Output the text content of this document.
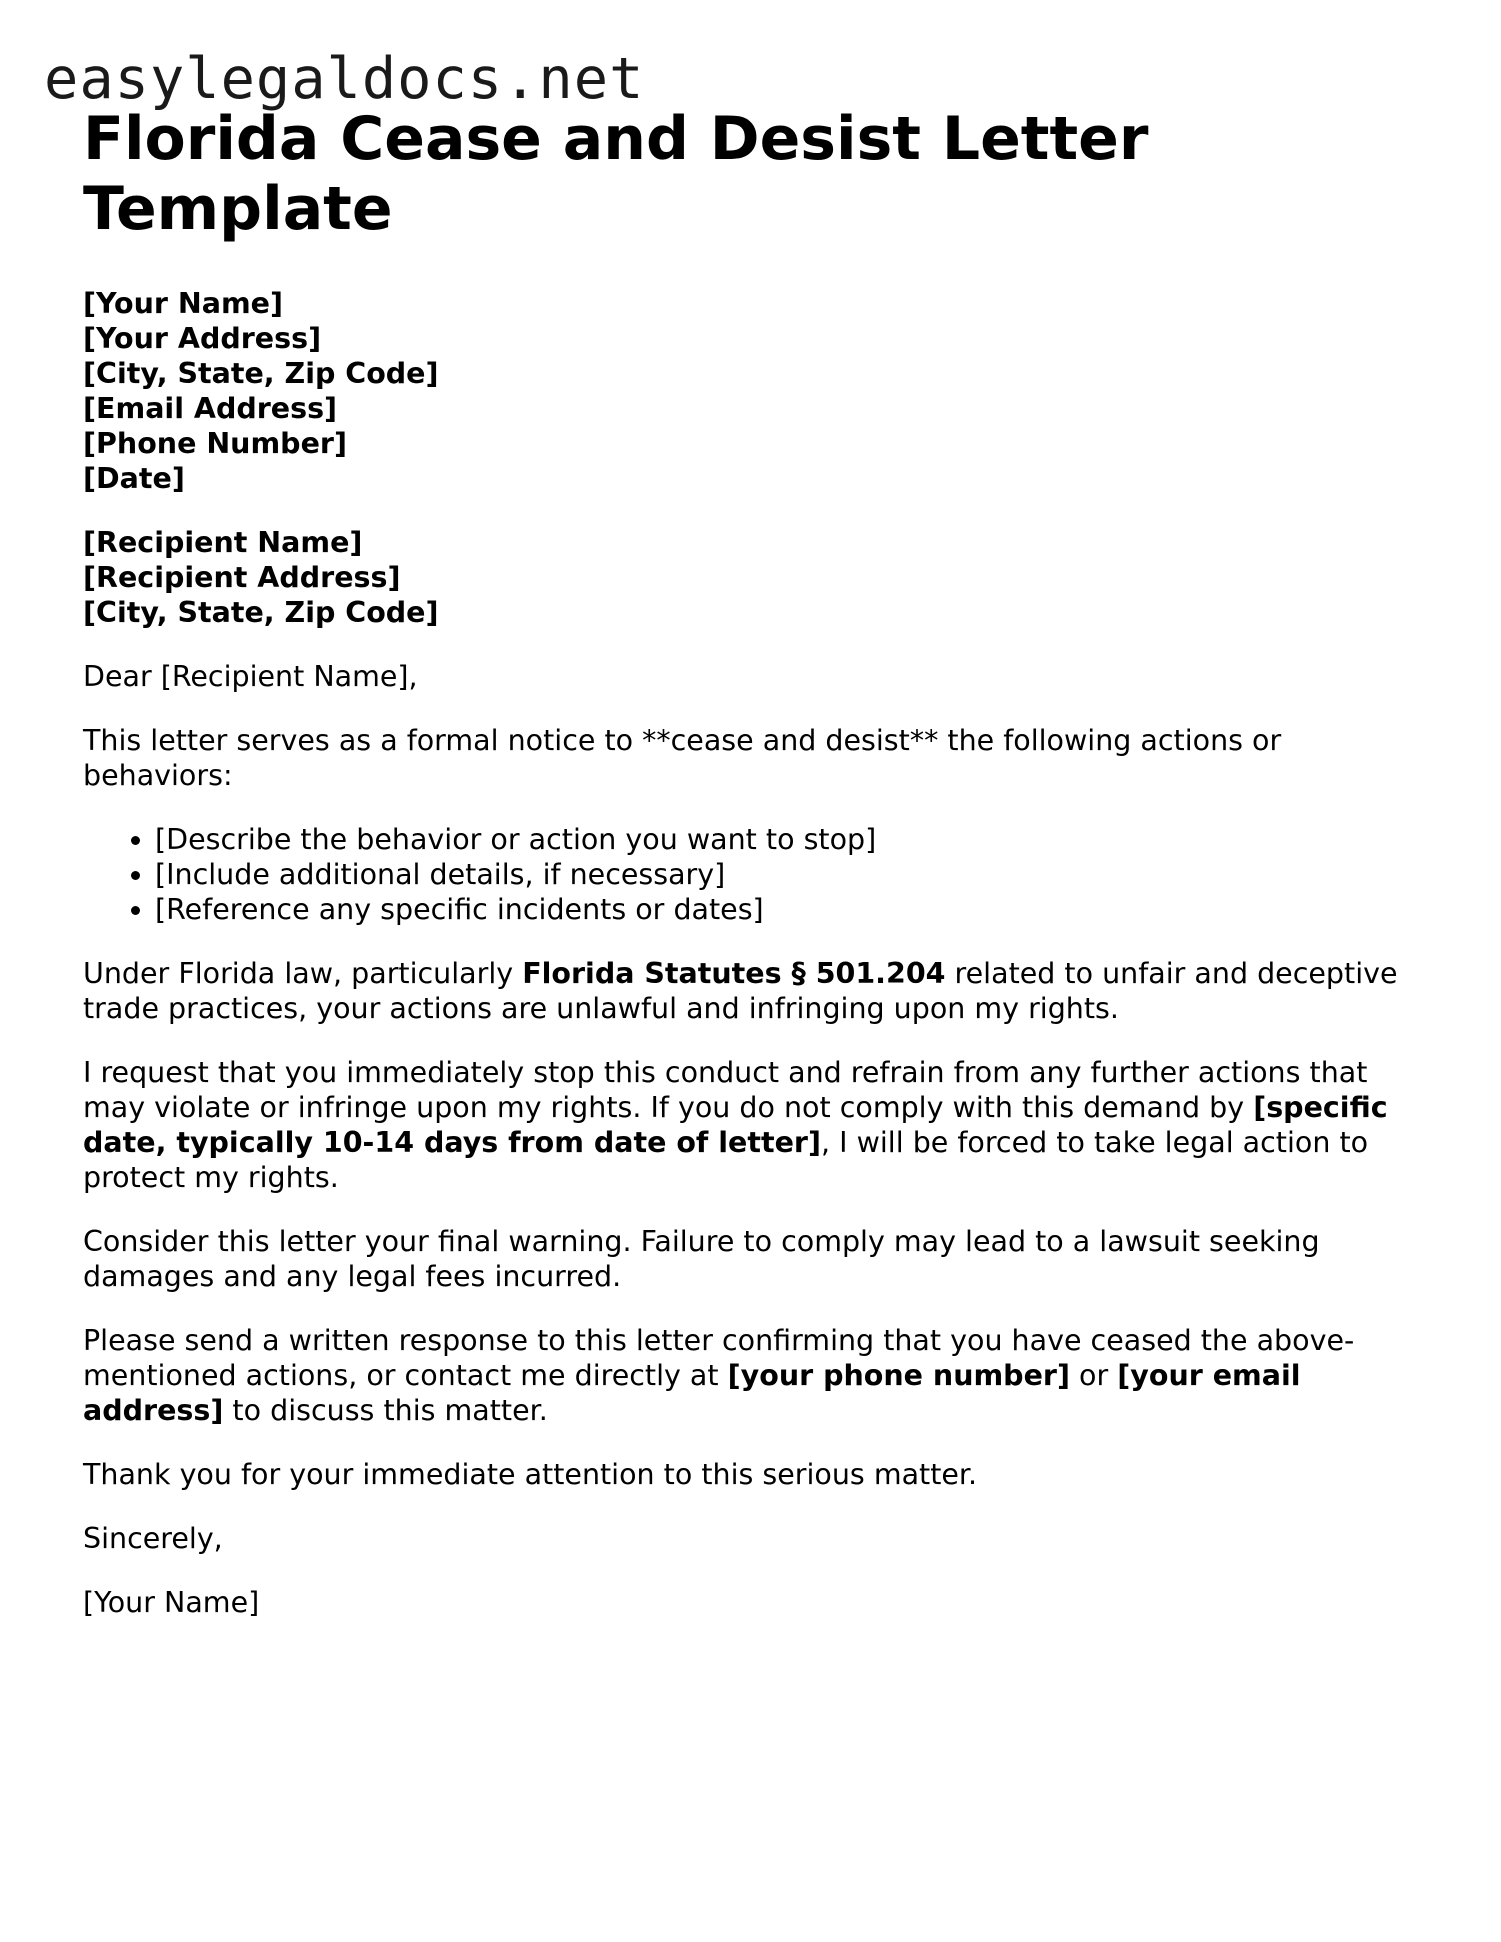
easylegaldocs.net
Florida Cease and Desist Letter Template
[Your Name]
[Your Address]
[City, State, Zip Code]
[Email Address]
[Phone Number]
[Date]
[Recipient Name]
[Recipient Address]
[City, State, Zip Code]

Dear [Recipient Name],

This letter serves as a formal notice to **cease and desist** the following actions or behaviors:

• [Describe the behavior or action you want to stop]
• [Include additional details, if necessary]
• [Reference any specific incidents or dates]

Under Florida law, particularly Florida Statutes § 501.204 related to unfair and deceptive trade practices, your actions are unlawful and infringing upon my rights.

I request that you immediately stop this conduct and refrain from any further actions that may violate or infringe upon my rights. If you do not comply with this demand by [specific date, typically 10-14 days from date of letter], I will be forced to take legal action to protect my rights.

Consider this letter your final warning. Failure to comply may lead to a lawsuit seeking damages and any legal fees incurred.

Please send a written response to this letter confirming that you have ceased the above-mentioned actions, or contact me directly at [your phone number] or [your email address] to discuss this matter.

Thank you for your immediate attention to this serious matter.

Sincerely,

[Your Name]
